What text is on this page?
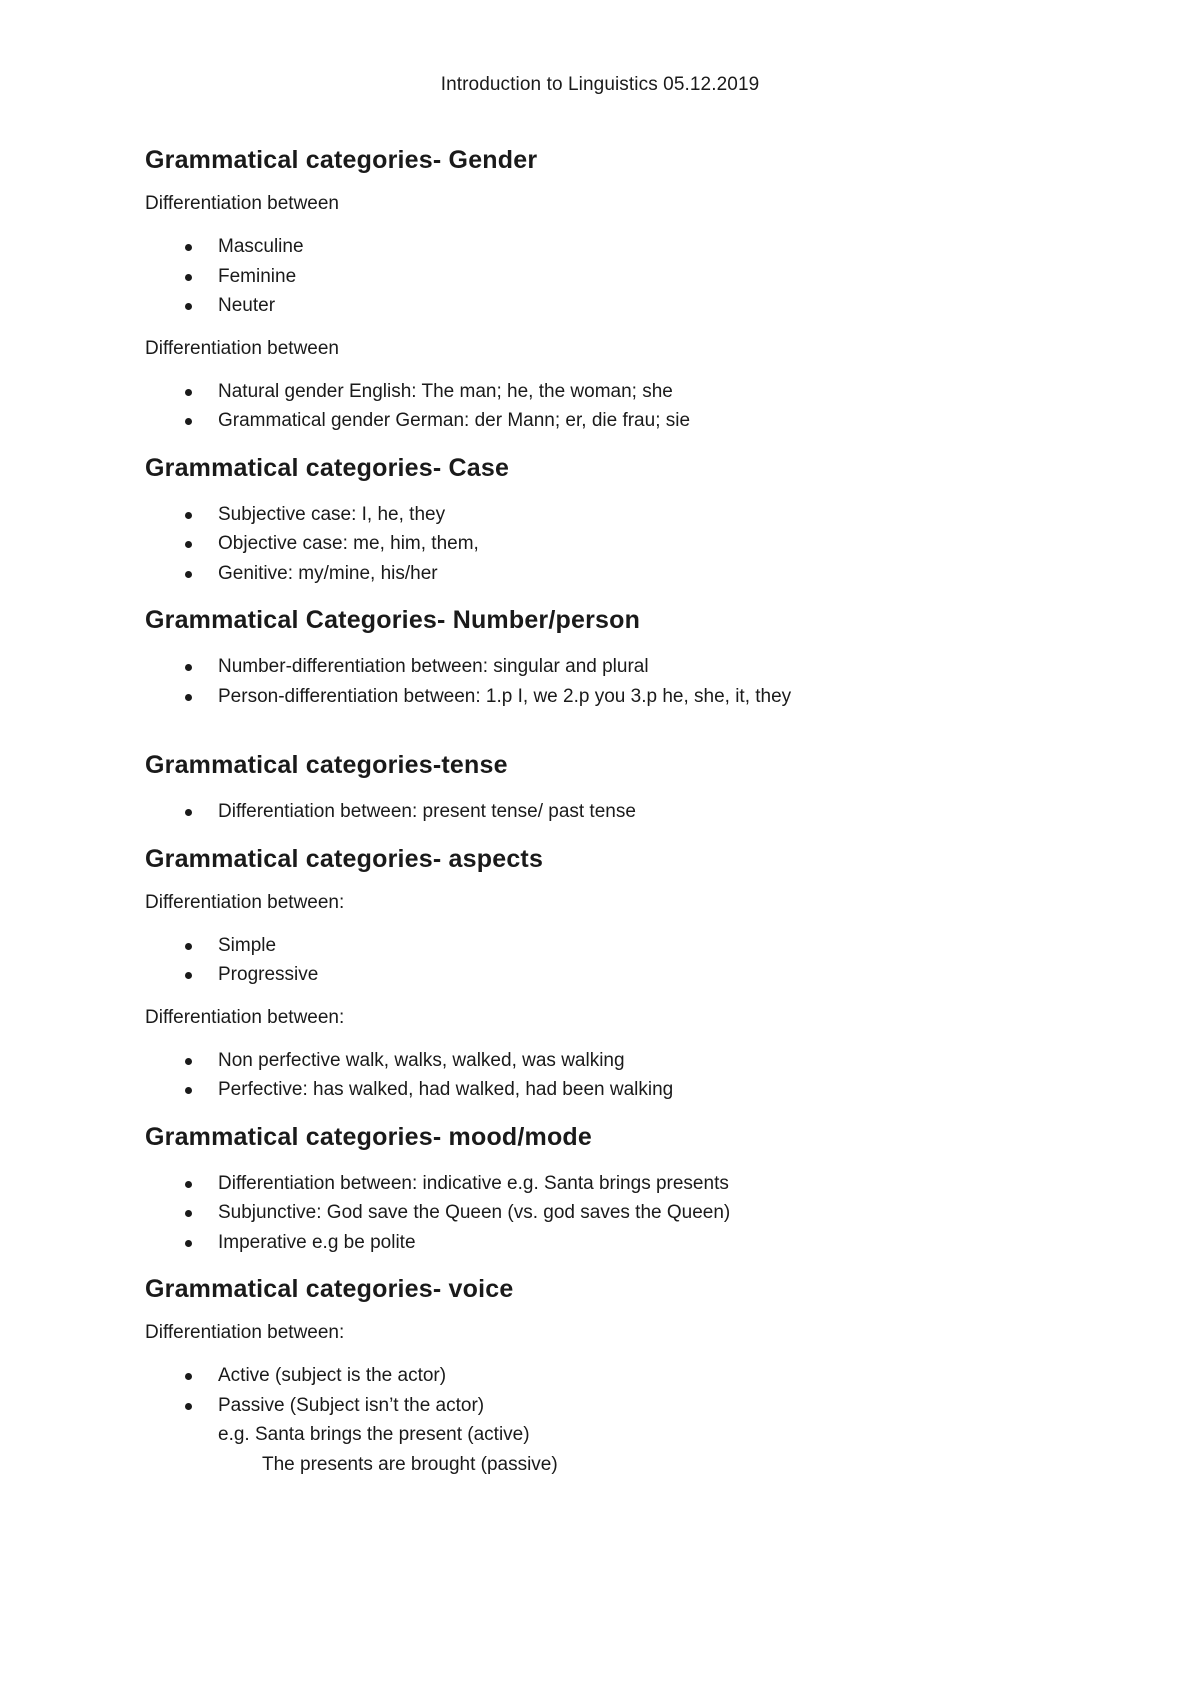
Introduction to Linguistics 05.12.2019
Grammatical categories- Gender

Differentiation between

Masculine
Feminine
Neuter

Differentiation between

Natural gender English: The man; he, the woman; she
Grammatical gender German: der Mann; er, die frau; sie
Grammatical categories- Case
Subjective case: I, he, they
Objective case: me, him, them,
Genitive: my/mine, his/her
Grammatical Categories- Number/person
Number-differentiation between: singular and plural
Person-differentiation between: 1.p I, we 2.p you 3.p he, she, it, they
Grammatical categories-tense
Differentiation between: present tense/ past tense
Grammatical categories- aspects

Differentiation between:

Simple
Progressive

Differentiation between:

Non perfective walk, walks, walked, was walking
Perfective: has walked, had walked, had been walking
Grammatical categories- mood/mode
Differentiation between: indicative e.g. Santa brings presents
Subjunctive: God save the Queen (vs. god saves the Queen)
Imperative e.g be polite
Grammatical categories- voice

Differentiation between:

Active (subject is the actor)
Passive (Subject isn’t the actor)
e.g. Santa brings the present (active)
The presents are brought (passive)
